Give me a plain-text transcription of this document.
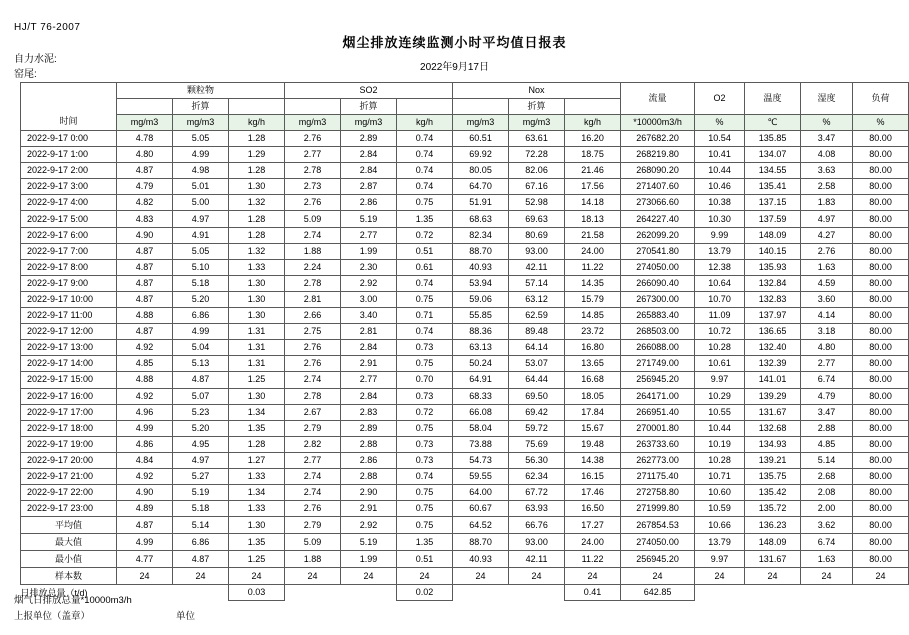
HJ/T 76-2007
烟尘排放连续监测小时平均值日报表
自力水泥:
窑尾:
2022年9月17日
时间	颗粒物			SO2			Nox			流量	O2	温度	湿度	负荷
		折算			折算			折算						
	mg/m3	mg/m3	kg/h	mg/m3	mg/m3	kg/h	mg/m3	mg/m3	kg/h	*10000m3/h	%	℃	%	%
2022-9-17 0:00	4.78	5.05	1.28	2.76	2.89	0.74	60.51	63.61	16.20	267682.20	10.54	135.85	3.47	80.00
2022-9-17 1:00	4.80	4.99	1.29	2.77	2.84	0.74	69.92	72.28	18.75	268219.80	10.41	134.07	4.08	80.00
2022-9-17 2:00	4.87	4.98	1.28	2.78	2.84	0.74	80.05	82.06	21.46	268090.20	10.44	134.55	3.63	80.00
2022-9-17 3:00	4.79	5.01	1.30	2.73	2.87	0.74	64.70	67.16	17.56	271407.60	10.46	135.41	2.58	80.00
2022-9-17 4:00	4.82	5.00	1.32	2.76	2.86	0.75	51.91	52.98	14.18	273066.60	10.38	137.15	1.83	80.00
2022-9-17 5:00	4.83	4.97	1.28	5.09	5.19	1.35	68.63	69.63	18.13	264227.40	10.30	137.59	4.97	80.00
2022-9-17 6:00	4.90	4.91	1.28	2.74	2.77	0.72	82.34	80.69	21.58	262099.20	9.99	148.09	4.27	80.00
2022-9-17 7:00	4.87	5.05	1.32	1.88	1.99	0.51	88.70	93.00	24.00	270541.80	13.79	140.15	2.76	80.00
2022-9-17 8:00	4.87	5.10	1.33	2.24	2.30	0.61	40.93	42.11	11.22	274050.00	12.38	135.93	1.63	80.00
2022-9-17 9:00	4.87	5.18	1.30	2.78	2.92	0.74	53.94	57.14	14.35	266090.40	10.64	132.84	4.59	80.00
2022-9-17 10:00	4.87	5.20	1.30	2.81	3.00	0.75	59.06	63.12	15.79	267300.00	10.70	132.83	3.60	80.00
2022-9-17 11:00	4.88	6.86	1.30	2.66	3.40	0.71	55.85	62.59	14.85	265883.40	11.09	137.97	4.14	80.00
2022-9-17 12:00	4.87	4.99	1.31	2.75	2.81	0.74	88.36	89.48	23.72	268503.00	10.72	136.65	3.18	80.00
2022-9-17 13:00	4.92	5.04	1.31	2.76	2.84	0.73	63.13	64.14	16.80	266088.00	10.28	132.40	4.80	80.00
2022-9-17 14:00	4.85	5.13	1.31	2.76	2.91	0.75	50.24	53.07	13.65	271749.00	10.61	132.39	2.77	80.00
2022-9-17 15:00	4.88	4.87	1.25	2.74	2.77	0.70	64.91	64.44	16.68	256945.20	9.97	141.01	6.74	80.00
2022-9-17 16:00	4.92	5.07	1.30	2.78	2.84	0.73	68.33	69.50	18.05	264171.00	10.29	139.29	4.79	80.00
2022-9-17 17:00	4.96	5.23	1.34	2.67	2.83	0.72	66.08	69.42	17.84	266951.40	10.55	131.67	3.47	80.00
2022-9-17 18:00	4.99	5.20	1.35	2.79	2.89	0.75	58.04	59.72	15.67	270001.80	10.44	132.68	2.88	80.00
2022-9-17 19:00	4.86	4.95	1.28	2.82	2.88	0.73	73.88	75.69	19.48	263733.60	10.19	134.93	4.85	80.00
2022-9-17 20:00	4.84	4.97	1.27	2.77	2.86	0.73	54.73	56.30	14.38	262773.00	10.28	139.21	5.14	80.00
2022-9-17 21:00	4.92	5.27	1.33	2.74	2.88	0.74	59.55	62.34	16.15	271175.40	10.71	135.75	2.68	80.00
2022-9-17 22:00	4.90	5.19	1.34	2.74	2.90	0.75	64.00	67.72	17.46	272758.80	10.60	135.42	2.08	80.00
2022-9-17 23:00	4.89	5.18	1.33	2.76	2.91	0.75	60.67	63.93	16.50	271999.80	10.59	135.72	2.00	80.00
平均值	4.87	5.14	1.30	2.79	2.92	0.75	64.52	66.76	17.27	267854.53	10.66	136.23	3.62	80.00
最大值	4.99	6.86	1.35	5.09	5.19	1.35	88.70	93.00	24.00	274050.00	13.79	148.09	6.74	80.00
最小值	4.77	4.87	1.25	1.88	1.99	0.51	40.93	42.11	11.22	256945.20	9.97	131.67	1.63	80.00
样本数	24	24	24	24	24	24	24	24	24	24	24	24	24	24
日排放总量（t/d)			0.03			0.02			0.41	642.85				
烟气日排放总量*10000m3/h
上报单位（盖章）	单位
